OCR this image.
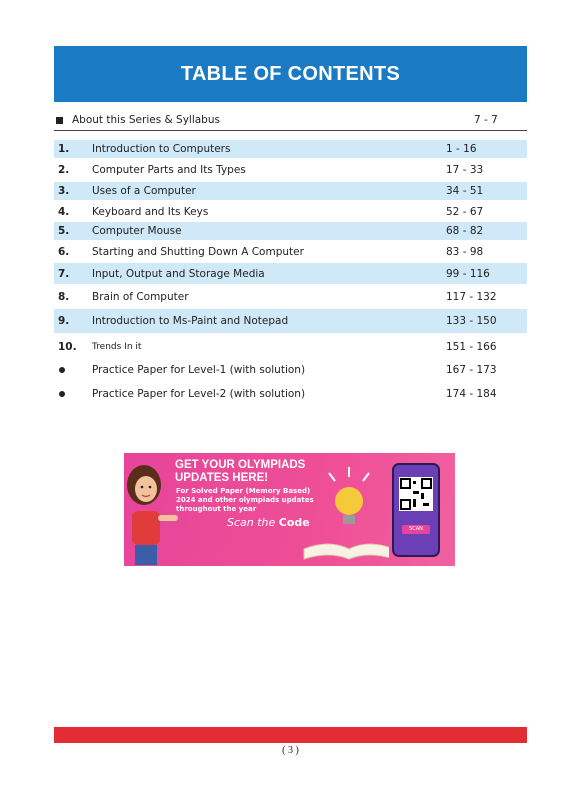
TABLE OF CONTENTS
About this Series & Syllabus	7 - 7
1. Introduction to Computers	1 - 16
2. Computer Parts and Its Types	17 - 33
3. Uses of a Computer	34 - 51
4. Keyboard and Its Keys	52 - 67
5. Computer Mouse	68 - 82
6. Starting and Shutting Down A Computer	83 - 98
7. Input, Output and Storage Media	99 - 116
8. Brain of Computer	117 - 132
9. Introduction to Ms-Paint and Notepad	133 - 150
10. Trends In it	151 - 166
Practice Paper for Level-1 (with solution)	167 - 173
Practice Paper for Level-2 (with solution)	174 - 184
GET YOUR OLYMPIADS
UPDATES HERE!
For Solved Paper (Memory Based)
2024 and other olympiads updates
throughout the year
Scan the Code	SCAN
( 3 )
